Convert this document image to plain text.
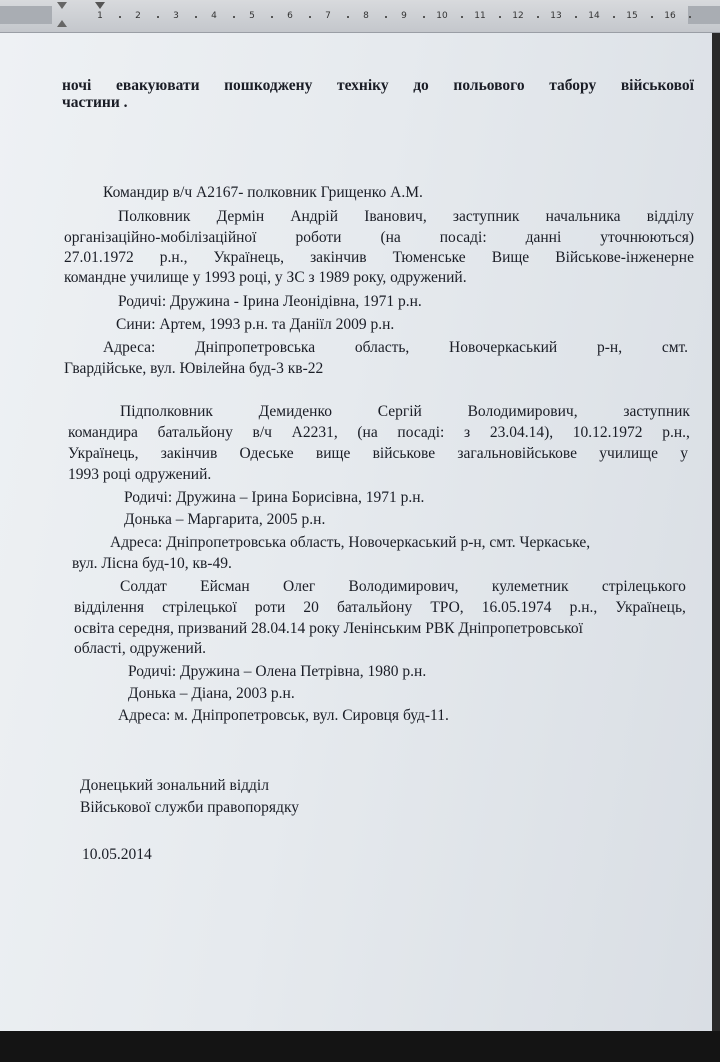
1	2	3	4	5	6	7	8	9	10	11	12	13	14	15	16
ночі евакуювати пошкоджену техніку до польового табору військової
частини .
Командир в/ч А2167- полковник Грищенко А.М.
Полковник Дермін Андрій Іванович, заступник начальника відділу
організаційно-мобілізаційної	роботи	(на	посаді:	данні	уточнюються)
27.01.1972 р.н., Українець, закінчив Тюменське Вище Військове-інженерне
командне училище у 1993 році, у ЗС з 1989 року, одружений.
Родичі: Дружина - Ірина Леонідівна, 1971 р.н.
Сини: Артем, 1993 р.н. та Даніїл 2009 р.н.
Адреса:	Дніпропетровська	область,	Новочеркаський	р-н,	смт.
Гвардійське, вул. Ювілейна буд-3 кв-22
Підполковник	Демиденко	Сергій	Володимирович,	заступник
командира батальйону в/ч А2231, (на посаді: з 23.04.14), 10.12.1972 р.н.,
Українець, закінчив Одеське вище військове загальновійськове училище у
1993 році одружений.
Родичі: Дружина – Ірина Борисівна, 1971 р.н.
Донька – Маргарита, 2005 р.н.
Адреса: Дніпропетровська область, Новочеркаський р-н, смт. Черкаське,
вул. Лісна буд-10, кв-49.
Солдат Ейсман Олег Володимирович, кулеметник стрілецького
відділення стрілецької роти 20 батальйону ТРО, 16.05.1974 р.н., Українець,
освіта середня, призваний 28.04.14 року Ленінським РВК Дніпропетровської
області, одружений.
Родичі: Дружина – Олена Петрівна, 1980 р.н.
Донька – Діана, 2003 р.н.
Адреса: м. Дніпропетровськ, вул. Сировця буд-11.
Донецький зональний відділ
Військової служби правопорядку
10.05.2014
